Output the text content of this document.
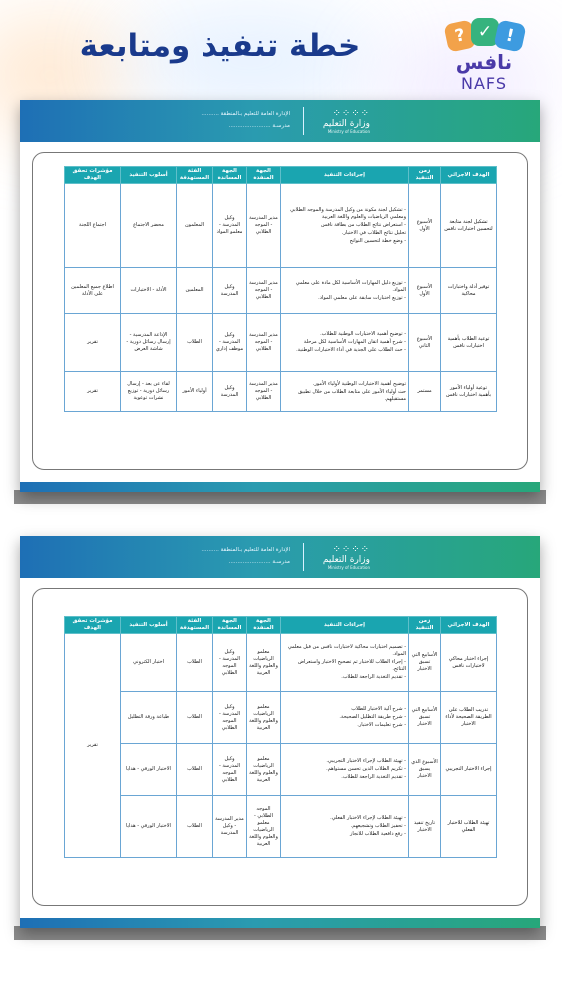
خطة تنفيذ ومتابعة	? ✓ !
نافس
NAFS
⁘⁘⁘⁘
وزارة التعليم
Ministry of Education
الإدارة العامة للتعليم بـالمنطقة ..........
مدرسـة ........................
الهدف الاجرائي	زمن التنفيذ	إجراءات التنفيذ	الجهة المنفذة	الجهة المساندة	الفئة المستهدفة	أسلوب التنفيذ	مؤشرات تحقق الهدف
تشكيل لجنة متابعة لتحسين اختبارات نافس	الأسبوع الأول	- تشكيل لجنة مكونة من وكيل المدرسة والموجه الطلابي ومعلمي الرياضيات والعلوم واللغة العربية
- استعراض نتائج الطلاب من بطاقة نافس
تحليل نتائج الطلاب في الاختبار.
- وضع خطة لتحسين النواتج	مدير المدرسة - الموجه الطلابي	وكيل المدرسة - معلمو المواد	المعلمون	محضر الاجتماع	اجتماع اللجنة
توفير أدلة واختبارات محاكية	الأسبوع الأول	- توزيع دليل المهارات الأساسية لكل مادة على معلمي المواد.
- توزيع اختبارات سابقة على معلمي المواد.	مدير المدرسة - الموجه الطلابي	وكيل المدرسة	المعلمين	الأدلة - الاختبارات	اطلاع جميع المعلمين على الأدلة
توعية الطلاب بأهمية اختبارات نافس	الأسبوع الثاني	- توضيح أهمية الاختبارات الوطنية للطلاب.
- شرح أهمية اتقان المهارات الأساسية لكل مرحلة
- حث الطلاب على الجدية في أداء الاختبارات الوطنية.	مدير المدرسة - الموجه الطلابي	وكيل المدرسة - موظف إداري	الطلاب	الإذاعة المدرسية - إرسال رسائل دورية - شاشة العرض	تقرير
توعية أولياء الأمور بأهمية اختبارات نافس	مستمر	توضيح أهمية الاختبارات الوطنية لأولياء الأمور.
حث أولياء الأمور على متابعة الطلاب من خلال تطبيق مستقبلهم.	مدير المدرسة - الموجه الطلابي	وكيل المدرسة	أولياء الأمور	لقاء عن بعد - إرسال رسائل دورية - توزيع نشرات توعوية	تقرير
⁘⁘⁘⁘
وزارة التعليم
Ministry of Education
الإدارة العامة للتعليم بـالمنطقة ..........
مدرسـة ........................
الهدف الاجرائي	زمن التنفيذ	إجراءات التنفيذ	الجهة المنفذة	الجهة المساندة	الفئة المستهدفة	أسلوب التنفيذ	مؤشرات تحقق الهدف
إجراء اختبار محاكي لاختبارات نافس	الأسابيع التي تسبق الاختبار	- تصميم اختبارات محاكية لاختبارات نافس من قبل معلمي المواد.
- إجراء الطلاب للاختبار ثم تصحيح الاختبار واستعراض النتائج.
- تقديم التغذية الراجعة للطلاب.	معلمو الرياضيات والعلوم واللغة العربية	وكيل المدرسة - الموجه الطلابي	الطلاب	اختبار الكتروني	تقرير
تدريب الطلاب على الطريقة الصحيحة لأداء الاختبار	الأسابيع التي تسبق الاختبار	- شرح آلية الاختبار للطلاب
- شرح طريقة التظليل الصحيحة.
- شرح تعليمات الاختبار.	معلمو الرياضيات والعلوم واللغة العربية	وكيل المدرسة - الموجه الطلابي	الطلاب	طباعة ورقة التظليل	
إجراء الاختبار التجريبي	الأسبوع الذي يسبق الاختبار	- تهيئة الطلاب لإجراء الاختبار التجريبي.
- تكريم الطلاب الذين تحسن مستواهم.
- تقديم التغذية الراجعة للطلاب.	معلمو الرياضيات والعلوم واللغة العربية	وكيل المدرسة - الموجه الطلابي	الطلاب	الاختبار الورقي - هدايا	
تهيئة الطلاب للاختبار الفعلي	تاريخ تنفيذ الاختبار	- تهيئة الطلاب لإجراء الاختبار الفعلي.
- تحفيز الطلاب وتشجيعهم.
- رفع دافعية الطلاب للانجاز	الموجه الطلابي - معلمو الرياضيات والعلوم واللغة العربية	مدير المدرسة - وكيل المدرسة	الطلاب	الاختبار الورقي - هدايا	
